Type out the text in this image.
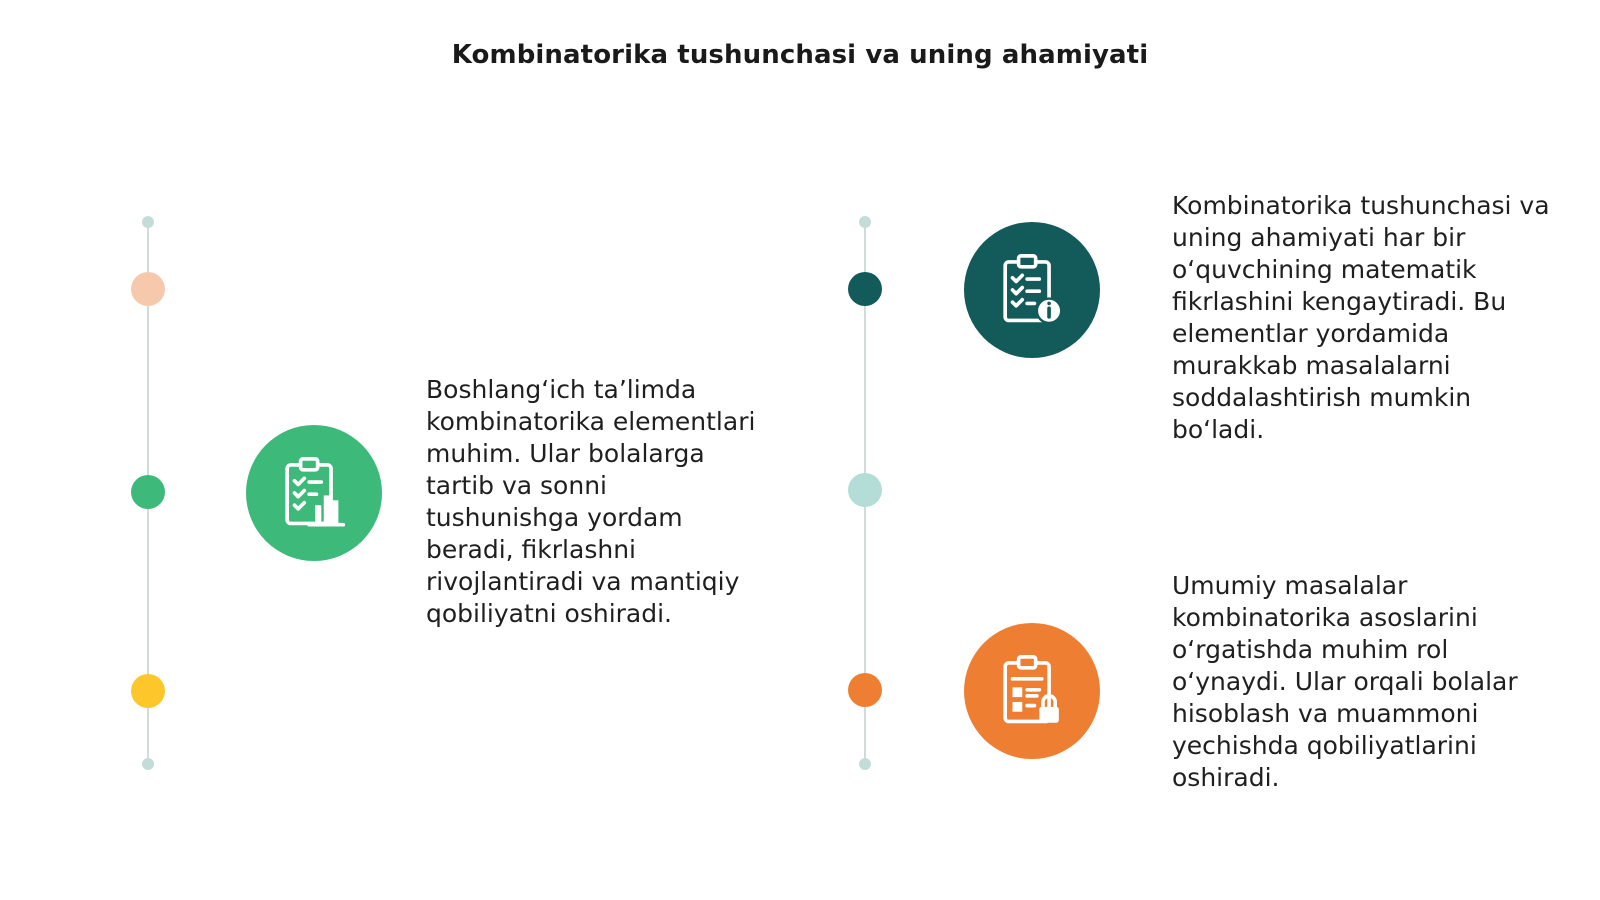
Kombinatorika tushunchasi va uning ahamiyati
Boshlang‘ich ta’limda kombinatorika elementlari muhim. Ular bolalarga tartib va sonni tushunishga yordam beradi, fikrlashni rivojlantiradi va mantiqiy qobiliyatni oshiradi.
Kombinatorika tushunchasi va uning ahamiyati har bir o‘quvchining matematik fikrlashini kengaytiradi. Bu elementlar yordamida murakkab masalalarni soddalashtirish mumkin bo‘ladi.
Umumiy masalalar kombinatorika asoslarini o‘rgatishda muhim rol o‘ynaydi. Ular orqali bolalar hisoblash va muammoni yechishda qobiliyatlarini oshiradi.
